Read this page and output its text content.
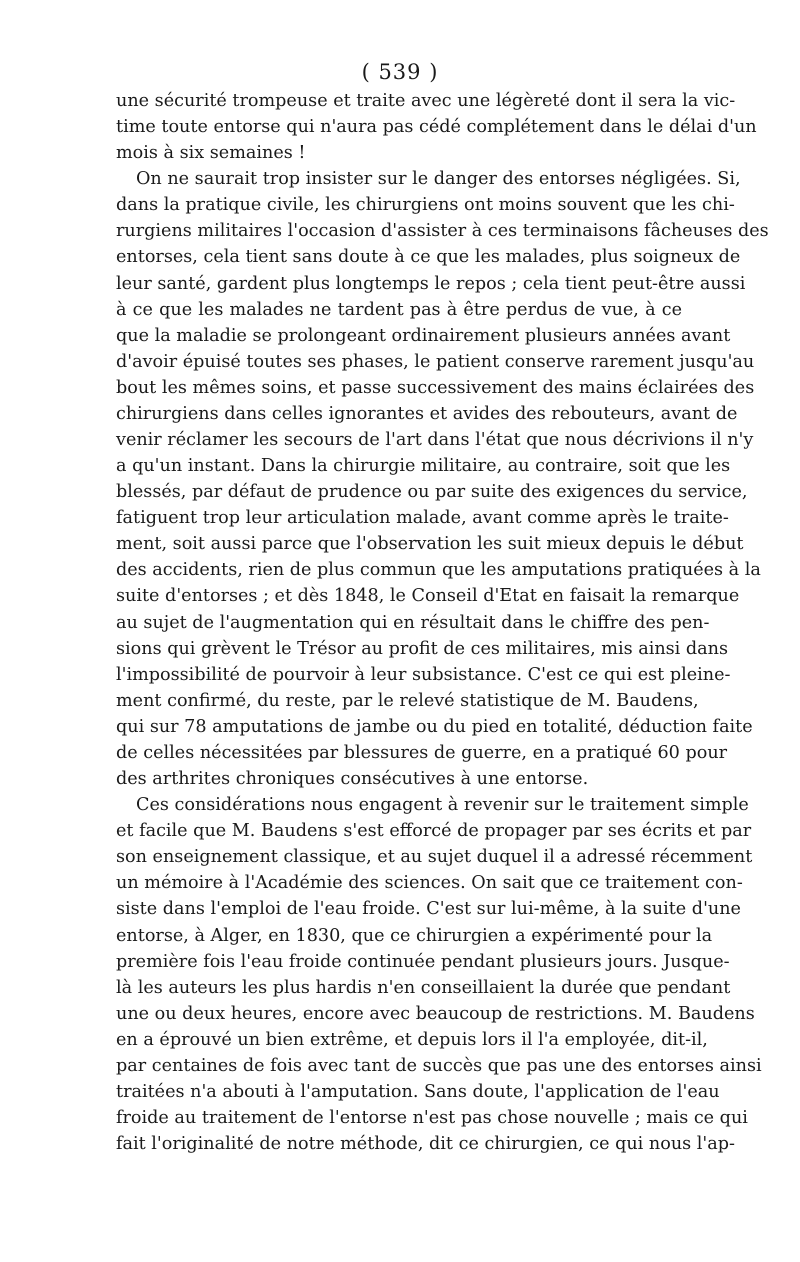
( 539 )
une sécurité trompeuse et traite avec une légèreté dont il sera la vic-
time toute entorse qui n'aura pas cédé complétement dans le délai d'un
mois à six semaines !
On ne saurait trop insister sur le danger des entorses négligées. Si,
dans la pratique civile, les chirurgiens ont moins souvent que les chi-
rurgiens militaires l'occasion d'assister à ces terminaisons fâcheuses des
entorses, cela tient sans doute à ce que les malades, plus soigneux de
leur santé, gardent plus longtemps le repos ; cela tient peut-être aussi
à ce que les malades ne tardent pas à être perdus de vue, à ce
que la maladie se prolongeant ordinairement plusieurs années avant
d'avoir épuisé toutes ses phases, le patient conserve rarement jusqu'au
bout les mêmes soins, et passe successivement des mains éclairées des
chirurgiens dans celles ignorantes et avides des rebouteurs, avant de
venir réclamer les secours de l'art dans l'état que nous décrivions il n'y
a qu'un instant. Dans la chirurgie militaire, au contraire, soit que les
blessés, par défaut de prudence ou par suite des exigences du service,
fatiguent trop leur articulation malade, avant comme après le traite-
ment, soit aussi parce que l'observation les suit mieux depuis le début
des accidents, rien de plus commun que les amputations pratiquées à la
suite d'entorses ; et dès 1848, le Conseil d'Etat en faisait la remarque
au sujet de l'augmentation qui en résultait dans le chiffre des pen-
sions qui grèvent le Trésor au profit de ces militaires, mis ainsi dans
l'impossibilité de pourvoir à leur subsistance. C'est ce qui est pleine-
ment confirmé, du reste, par le relevé statistique de M. Baudens,
qui sur 78 amputations de jambe ou du pied en totalité, déduction faite
de celles nécessitées par blessures de guerre, en a pratiqué 60 pour
des arthrites chroniques consécutives à une entorse.
Ces considérations nous engagent à revenir sur le traitement simple
et facile que M. Baudens s'est efforcé de propager par ses écrits et par
son enseignement classique, et au sujet duquel il a adressé récemment
un mémoire à l'Académie des sciences. On sait que ce traitement con-
siste dans l'emploi de l'eau froide. C'est sur lui-même, à la suite d'une
entorse, à Alger, en 1830, que ce chirurgien a expérimenté pour la
première fois l'eau froide continuée pendant plusieurs jours. Jusque-
là les auteurs les plus hardis n'en conseillaient la durée que pendant
une ou deux heures, encore avec beaucoup de restrictions. M. Baudens
en a éprouvé un bien extrême, et depuis lors il l'a employée, dit-il,
par centaines de fois avec tant de succès que pas une des entorses ainsi
traitées n'a abouti à l'amputation. Sans doute, l'application de l'eau
froide au traitement de l'entorse n'est pas chose nouvelle ; mais ce qui
fait l'originalité de notre méthode, dit ce chirurgien, ce qui nous l'ap-
